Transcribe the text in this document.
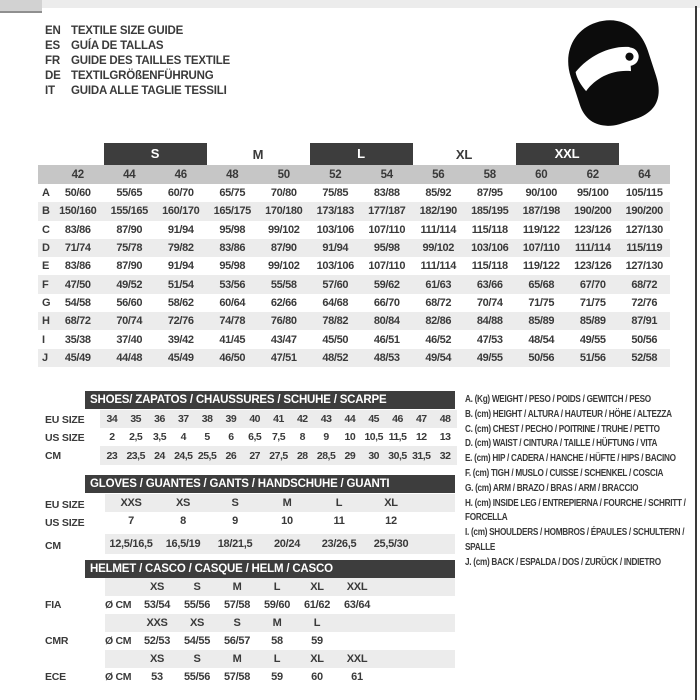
EN TEXTILE SIZE GUIDE
ES GUÍA DE TALLAS
FR GUIDE DES TAILLES TEXTILE
DE TEXTILGRÖßENFÜHRUNG
IT GUIDA ALLE TAGLIE TESSILI
S	M	L	XL	XXL
42	44	46	48	50	52	54	56	58	60	62	64
A	50/60	55/65	60/70	65/75	70/80	75/85	83/88	85/92	87/95	90/100	95/100	105/115
B 150/160	155/165	160/170	165/175	170/180	173/183	177/187	182/190	185/195	187/198	190/200	190/200
C	83/86	87/90	91/94	95/98	99/102	103/106	107/110	111/114	115/118	119/122	123/126	127/130
D	71/74	75/78	79/82	83/86	87/90	91/94	95/98	99/102	103/106	107/110	111/114	115/119
E	83/86	87/90	91/94	95/98	99/102	103/106	107/110	111/114	115/118	119/122	123/126	127/130
F	47/50	49/52	51/54	53/56	55/58	57/60	59/62	61/63	63/66	65/68	67/70	68/72
G	54/58	56/60	58/62	60/64	62/66	64/68	66/70	68/72	70/74	71/75	71/75	72/76
H	68/72	70/74	72/76	74/78	76/80	78/82	80/84	82/86	84/88	85/89	85/89	87/91
I	35/38	37/40	39/42	41/45	43/47	45/50	46/51	46/52	47/53	48/54	49/55	50/56
J	45/49	44/48	45/49	46/50	47/51	48/52	48/53	49/54	49/55	50/56	51/56	52/58
SHOES/ ZAPATOS / CHAUSSURES / SCHUHE / SCARPE
EU SIZE
US SIZE
CM
34	35	36	37	38	39	40	41	42	43	44	45	46	47	48
2	2,5	3,5	4	5	6	6,5	7,5	8	9	10 10,5 11,5 12	13
23 23,5 24 24,5 25,5 26	27 27,5 28 28,5 29	30 30,5 31,5 32
GLOVES / GUANTES / GANTS / HANDSCHUHE / GUANTI
EU SIZE
US SIZE
CM
XXS	XS	S	M	L	XL
7	8	9	10	11	12
12,5/16,5	16,5/19	18/21,5	20/24	23/26,5	25,5/30
HELMET / CASCO / CASQUE / HELM / CASCO
XS	S	M	L	XL	XXL
FIA	Ø CM	53/54	55/56	57/58	59/60	61/62	63/64
XXS	XS	S	M	L
CMR	Ø CM	52/53	54/55	56/57	58	59
XS	S	M	L	XL	XXL
ECE	Ø CM	53	55/56	57/58	59	60	61
A. (Kg) WEIGHT / PESO / POIDS / GEWITCH / PESO
B. (cm) HEIGHT / ALTURA / HAUTEUR / HÖHE / ALTEZZA
C. (cm) CHEST / PECHO / POITRINE / TRUHE / PETTO
D. (cm) WAIST / CINTURA / TAILLE / HÜFTUNG / VITA
E. (cm) HIP / CADERA / HANCHE / HÜFTE / HIPS / BACINO
F. (cm) TIGH / MUSLO / CUISSE / SCHENKEL / COSCIA
G. (cm) ARM / BRAZO / BRAS / ARM / BRACCIO
H. (cm) INSIDE LEG / ENTREPIERNA / FOURCHE / SCHRITT / FORCELLA
I. (cm) SHOULDERS / HOMBROS / ÉPAULES / SCHULTERN / SPALLE
J. (cm) BACK / ESPALDA / DOS / ZURÜCK / INDIETRO
